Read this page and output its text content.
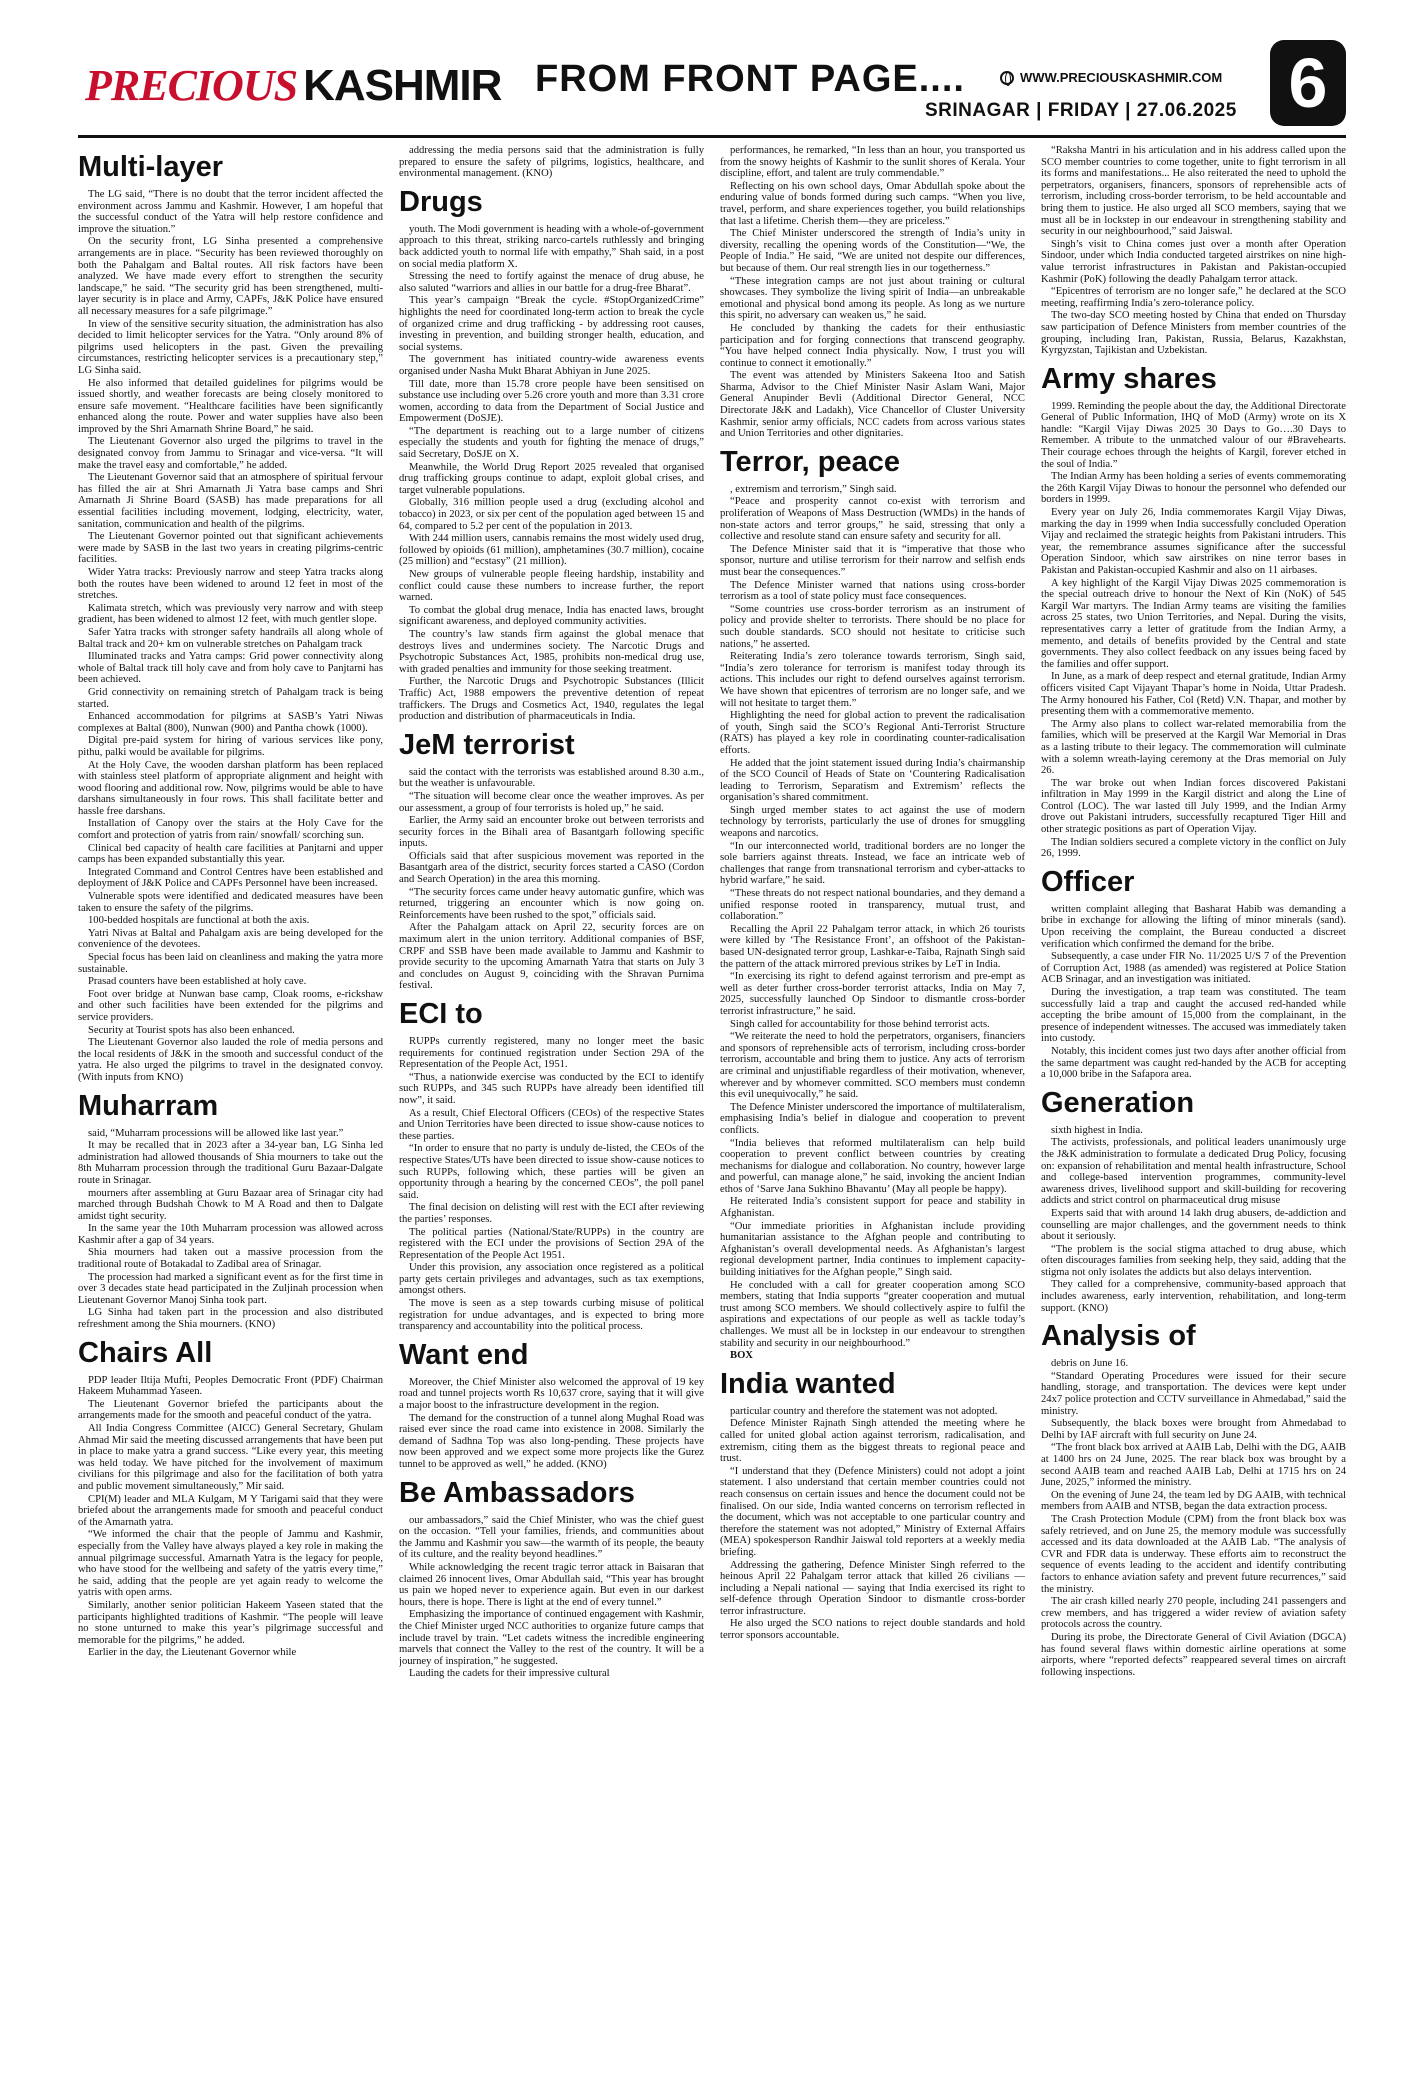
PRECIOUS KASHMIR FROM FRONT PAGE....	WWW.PRECIOUSKASHMIR.COM
SRINAGAR | FRIDAY | 27.06.2025 6
Multi-layer

The LG said, “There is no doubt that the terror incident affected the environment across Jammu and Kashmir. However, I am hopeful that the successful conduct of the Yatra will help restore confidence and improve the situation.”

On the security front, LG Sinha presented a comprehensive arrangements are in place. “Security has been reviewed thoroughly on both the Pahalgam and Baltal routes. All risk factors have been analyzed. We have made every effort to strengthen the security landscape,” he said. “The security grid has been strengthened, multi-layer security is in place and Army, CAPFs, J&K Police have ensured all necessary measures for a safe pilgrimage.”

In view of the sensitive security situation, the administration has also decided to limit helicopter services for the Yatra. “Only around 8% of pilgrims used helicopters in the past. Given the prevailing circumstances, restricting helicopter services is a precautionary step,” LG Sinha said.

He also informed that detailed guidelines for pilgrims would be issued shortly, and weather forecasts are being closely monitored to ensure safe movement. “Healthcare facilities have been significantly enhanced along the route. Power and water supplies have also been improved by the Shri Amarnath Shrine Board,” he said.

The Lieutenant Governor also urged the pilgrims to travel in the designated convoy from Jammu to Srinagar and vice-versa. “It will make the travel easy and comfortable,” he added.

The Lieutenant Governor said that an atmosphere of spiritual fervour has filled the air at Shri Amarnath Ji Yatra base camps and Shri Amarnath Ji Shrine Board (SASB) has made preparations for all essential facilities including movement, lodging, electricity, water, sanitation, communication and health of the pilgrims.

The Lieutenant Governor pointed out that significant achievements were made by SASB in the last two years in creating pilgrims-centric facilities.

Wider Yatra tracks: Previously narrow and steep Yatra tracks along both the routes have been widened to around 12 feet in most of the stretches.

Kalimata stretch, which was previously very narrow and with steep gradient, has been widened to almost 12 feet, with much gentler slope.

Safer Yatra tracks with stronger safety handrails all along whole of Baltal track and 20+ km on vulnerable stretches on Pahalgam track

Illuminated tracks and Yatra camps: Grid power connectivity along whole of Baltal track till holy cave and from holy cave to Panjtarni has been achieved.

Grid connectivity on remaining stretch of Pahalgam track is being started.

Enhanced accommodation for pilgrims at SASB’s Yatri Niwas complexes at Baltal (800), Nunwan (900) and Pantha chowk (1000).

Digital pre-paid system for hiring of various services like pony, pithu, palki would be available for pilgrims.

At the Holy Cave, the wooden darshan platform has been replaced with stainless steel platform of appropriate alignment and height with wood flooring and additional row. Now, pilgrims would be able to have darshans simultaneously in four rows. This shall facilitate better and hassle free darshans.

Installation of Canopy over the stairs at the Holy Cave for the comfort and protection of yatris from rain/ snowfall/ scorching sun.

Clinical bed capacity of health care facilities at Panjtarni and upper camps has been expanded substantially this year.

Integrated Command and Control Centres have been established and deployment of J&K Police and CAPFs Personnel have been increased.

Vulnerable spots were identified and dedicated measures have been taken to ensure the safety of the pilgrims.

100-bedded hospitals are functional at both the axis.

Yatri Nivas at Baltal and Pahalgam axis are being developed for the convenience of the devotees.

Special focus has been laid on cleanliness and making the yatra more sustainable.

Prasad counters have been established at holy cave.

Foot over bridge at Nunwan base camp, Cloak rooms, e-rickshaw and other such facilities have been extended for the pilgrims and service providers.

Security at Tourist spots has also been enhanced.

The Lieutenant Governor also lauded the role of media persons and the local residents of J&K in the smooth and successful conduct of the yatra. He also urged the pilgrims to travel in the designated convoy. (With inputs from KNO)

Muharram

said, “Muharram processions will be allowed like last year.”

It may be recalled that in 2023 after a 34-year ban, LG Sinha led administration had allowed thousands of Shia mourners to take out the 8th Muharram procession through the traditional Guru Bazaar-Dalgate route in Srinagar.

mourners after assembling at Guru Bazaar area of Srinagar city had marched through Budshah Chowk to M A Road and then to Dalgate amidst tight security.

In the same year the 10th Muharram procession was allowed across Kashmir after a gap of 34 years.

Shia mourners had taken out a massive procession from the traditional route of Botakadal to Zadibal area of Srinagar.

The procession had marked a significant event as for the first time in over 3 decades state head participated in the Zuljinah procession when Lieutenant Governor Manoj Sinha took part.

LG Sinha had taken part in the procession and also distributed refreshment among the Shia mourners. (KNO)

Chairs All

PDP leader Iltija Mufti, Peoples Democratic Front (PDF) Chairman Hakeem Muhammad Yaseen.

The Lieutenant Governor briefed the participants about the arrangements made for the smooth and peaceful conduct of the yatra.

All India Congress Committee (AICC) General Secretary, Ghulam Ahmad Mir said the meeting discussed arrangements that have been put in place to make yatra a grand success. “Like every year, this meeting was held today. We have pitched for the involvement of maximum civilians for this pilgrimage and also for the facilitation of both yatra and public movement simultaneously,” Mir said.

CPI(M) leader and MLA Kulgam, M Y Tarigami said that they were briefed about the arrangements made for smooth and peaceful conduct of the Amarnath yatra.

“We informed the chair that the people of Jammu and Kashmir, especially from the Valley have always played a key role in making the annual pilgrimage successful. Amarnath Yatra is the legacy for people, who have stood for the wellbeing and safety of the yatris every time,” he said, adding that the people are yet again ready to welcome the yatris with open arms.

Similarly, another senior politician Hakeem Yaseen stated that the participants highlighted traditions of Kashmir. “The people will leave no stone unturned to make this year’s pilgrimage successful and memorable for the pilgrims,” he added.

Earlier in the day, the Lieutenant Governor while

addressing the media persons said that the administration is fully prepared to ensure the safety of pilgrims, logistics, healthcare, and environmental management. (KNO)

Drugs

youth. The Modi government is heading with a whole-of-government approach to this threat, striking narco-cartels ruthlessly and bringing back addicted youth to normal life with empathy,” Shah said, in a post on social media platform X.

Stressing the need to fortify against the menace of drug abuse, he also saluted “warriors and allies in our battle for a drug-free Bharat”.

This year’s campaign “Break the cycle. #StopOrganizedCrime” highlights the need for coordinated long-term action to break the cycle of organized crime and drug trafficking - by addressing root causes, investing in prevention, and building stronger health, education, and social systems.

The government has initiated country-wide awareness events organised under Nasha Mukt Bharat Abhiyan in June 2025.

Till date, more than 15.78 crore people have been sensitised on substance use including over 5.26 crore youth and more than 3.31 crore women, according to data from the Department of Social Justice and Empowerment (DoSJE).

“The department is reaching out to a large number of citizens especially the students and youth for fighting the menace of drugs,” said Secretary, DoSJE on X.

Meanwhile, the World Drug Report 2025 revealed that organised drug trafficking groups continue to adapt, exploit global crises, and target vulnerable populations.

Globally, 316 million people used a drug (excluding alcohol and tobacco) in 2023, or six per cent of the population aged between 15 and 64, compared to 5.2 per cent of the population in 2013.

With 244 million users, cannabis remains the most widely used drug, followed by opioids (61 million), amphetamines (30.7 million), cocaine (25 million) and “ecstasy” (21 million).

New groups of vulnerable people fleeing hardship, instability and conflict could cause these numbers to increase further, the report warned.

To combat the global drug menace, India has enacted laws, brought significant awareness, and deployed community activities.

The country’s law stands firm against the global menace that destroys lives and undermines society. The Narcotic Drugs and Psychotropic Substances Act, 1985, prohibits non-medical drug use, with graded penalties and immunity for those seeking treatment.

Further, the Narcotic Drugs and Psychotropic Substances (Illicit Traffic) Act, 1988 empowers the preventive detention of repeat traffickers. The Drugs and Cosmetics Act, 1940, regulates the legal production and distribution of pharmaceuticals in India.

JeM terrorist

said the contact with the terrorists was established around 8.30 a.m., but the weather is unfavourable.

“The situation will become clear once the weather improves. As per our assessment, a group of four terrorists is holed up,” he said.

Earlier, the Army said an encounter broke out between terrorists and security forces in the Bihali area of Basantgarh following specific inputs.

Officials said that after suspicious movement was reported in the Basantgarh area of the district, security forces started a CASO (Cordon and Search Operation) in the area this morning.

“The security forces came under heavy automatic gunfire, which was returned, triggering an encounter which is now going on. Reinforcements have been rushed to the spot,” officials said.

After the Pahalgam attack on April 22, security forces are on maximum alert in the union territory. Additional companies of BSF, CRPF and SSB have been made available to Jammu and Kashmir to provide security to the upcoming Amarnath Yatra that starts on July 3 and concludes on August 9, coinciding with the Shravan Purnima festival.

ECI to

RUPPs currently registered, many no longer meet the basic requirements for continued registration under Section 29A of the Representation of the People Act, 1951.

“Thus, a nationwide exercise was conducted by the ECI to identify such RUPPs, and 345 such RUPPs have already been identified till now”, it said.

As a result, Chief Electoral Officers (CEOs) of the respective States and Union Territories have been directed to issue show-cause notices to these parties.

“In order to ensure that no party is unduly de-listed, the CEOs of the respective States/UTs have been directed to issue show-cause notices to such RUPPs, following which, these parties will be given an opportunity through a hearing by the concerned CEOs”, the poll panel said.

The final decision on delisting will rest with the ECI after reviewing the parties’ responses.

The political parties (National/State/RUPPs) in the country are registered with the ECI under the provisions of Section 29A of the Representation of the People Act 1951.

Under this provision, any association once registered as a political party gets certain privileges and advantages, such as tax exemptions, amongst others.

The move is seen as a step towards curbing misuse of political registration for undue advantages, and is expected to bring more transparency and accountability into the political process.

Want end

Moreover, the Chief Minister also welcomed the approval of 19 key road and tunnel projects worth Rs 10,637 crore, saying that it will give a major boost to the infrastructure development in the region.

The demand for the construction of a tunnel along Mughal Road was raised ever since the road came into existence in 2008. Similarly the demand of Sadhna Top was also long-pending. These projects have now been approved and we expect some more projects like the Gurez tunnel to be approved as well,” he added. (KNO)

Be Ambassadors

our ambassadors,” said the Chief Minister, who was the chief guest on the occasion. “Tell your families, friends, and communities about the Jammu and Kashmir you saw—the warmth of its people, the beauty of its culture, and the reality beyond headlines.”

While acknowledging the recent tragic terror attack in Baisaran that claimed 26 innocent lives, Omar Abdullah said, “This year has brought us pain we hoped never to experience again. But even in our darkest hours, there is hope. There is light at the end of every tunnel.”

Emphasizing the importance of continued engagement with Kashmir, the Chief Minister urged NCC authorities to organize future camps that include travel by train. “Let cadets witness the incredible engineering marvels that connect the Valley to the rest of the country. It will be a journey of inspiration,” he suggested.

Lauding the cadets for their impressive cultural

performances, he remarked, “In less than an hour, you transported us from the snowy heights of Kashmir to the sunlit shores of Kerala. Your discipline, effort, and talent are truly commendable.”

Reflecting on his own school days, Omar Abdullah spoke about the enduring value of bonds formed during such camps. “When you live, travel, perform, and share experiences together, you build relationships that last a lifetime. Cherish them—they are priceless.”

The Chief Minister underscored the strength of India’s unity in diversity, recalling the opening words of the Constitution—“We, the People of India.” He said, “We are united not despite our differences, but because of them. Our real strength lies in our togetherness.”

“These integration camps are not just about training or cultural showcases. They symbolize the living spirit of India—an unbreakable emotional and physical bond among its people. As long as we nurture this spirit, no adversary can weaken us,” he said.

He concluded by thanking the cadets for their enthusiastic participation and for forging connections that transcend geography. “You have helped connect India physically. Now, I trust you will continue to connect it emotionally.”

The event was attended by Ministers Sakeena Itoo and Satish Sharma, Advisor to the Chief Minister Nasir Aslam Wani, Major General Anupinder Bevli (Additional Director General, NCC Directorate J&K and Ladakh), Vice Chancellor of Cluster University Kashmir, senior army officials, NCC cadets from across various states and Union Territories and other dignitaries.

Terror, peace

, extremism and terrorism,” Singh said.

“Peace and prosperity cannot co-exist with terrorism and proliferation of Weapons of Mass Destruction (WMDs) in the hands of non-state actors and terror groups,” he said, stressing that only a collective and resolute stand can ensure safety and security for all.

The Defence Minister said that it is “imperative that those who sponsor, nurture and utilise terrorism for their narrow and selfish ends must bear the consequences.”

The Defence Minister warned that nations using cross-border terrorism as a tool of state policy must face consequences.

“Some countries use cross-border terrorism as an instrument of policy and provide shelter to terrorists. There should be no place for such double standards. SCO should not hesitate to criticise such nations,” he asserted.

Reiterating India’s zero tolerance towards terrorism, Singh said, “India’s zero tolerance for terrorism is manifest today through its actions. This includes our right to defend ourselves against terrorism. We have shown that epicentres of terrorism are no longer safe, and we will not hesitate to target them.”

Highlighting the need for global action to prevent the radicalisation of youth, Singh said the SCO’s Regional Anti-Terrorist Structure (RATS) has played a key role in coordinating counter-radicalisation efforts.

He added that the joint statement issued during India’s chairmanship of the SCO Council of Heads of State on ‘Countering Radicalisation leading to Terrorism, Separatism and Extremism’ reflects the organisation’s shared commitment.

Singh urged member states to act against the use of modern technology by terrorists, particularly the use of drones for smuggling weapons and narcotics.

“In our interconnected world, traditional borders are no longer the sole barriers against threats. Instead, we face an intricate web of challenges that range from transnational terrorism and cyber-attacks to hybrid warfare,” he said.

“These threats do not respect national boundaries, and they demand a unified response rooted in transparency, mutual trust, and collaboration.”

Recalling the April 22 Pahalgam terror attack, in which 26 tourists were killed by ‘The Resistance Front’, an offshoot of the Pakistan-based UN-designated terror group, Lashkar-e-Taiba, Rajnath Singh said the pattern of the attack mirrored previous strikes by LeT in India.

“In exercising its right to defend against terrorism and pre-empt as well as deter further cross-border terrorist attacks, India on May 7, 2025, successfully launched Op Sindoor to dismantle cross-border terrorist infrastructure,” he said.

Singh called for accountability for those behind terrorist acts.

“We reiterate the need to hold the perpetrators, organisers, financiers and sponsors of reprehensible acts of terrorism, including cross-border terrorism, accountable and bring them to justice. Any acts of terrorism are criminal and unjustifiable regardless of their motivation, whenever, wherever and by whomever committed. SCO members must condemn this evil unequivocally,” he said.

The Defence Minister underscored the importance of multilateralism, emphasising India’s belief in dialogue and cooperation to prevent conflicts.

“India believes that reformed multilateralism can help build cooperation to prevent conflict between countries by creating mechanisms for dialogue and collaboration. No country, however large and powerful, can manage alone,” he said, invoking the ancient Indian ethos of ‘Sarve Jana Sukhino Bhavantu’ (May all people be happy).

He reiterated India’s consistent support for peace and stability in Afghanistan.

“Our immediate priorities in Afghanistan include providing humanitarian assistance to the Afghan people and contributing to Afghanistan’s overall developmental needs. As Afghanistan’s largest regional development partner, India continues to implement capacity-building initiatives for the Afghan people,” Singh said.

He concluded with a call for greater cooperation among SCO members, stating that India supports “greater cooperation and mutual trust among SCO members. We should collectively aspire to fulfil the aspirations and expectations of our people as well as tackle today’s challenges. We must all be in lockstep in our endeavour to strengthen stability and security in our neighbourhood.”

BOX

India wanted

particular country and therefore the statement was not adopted.

Defence Minister Rajnath Singh attended the meeting where he called for united global action against terrorism, radicalisation, and extremism, citing them as the biggest threats to regional peace and trust.

“I understand that they (Defence Ministers) could not adopt a joint statement. I also understand that certain member countries could not reach consensus on certain issues and hence the document could not be finalised. On our side, India wanted concerns on terrorism reflected in the document, which was not acceptable to one particular country and therefore the statement was not adopted,” Ministry of External Affairs (MEA) spokesperson Randhir Jaiswal told reporters at a weekly media briefing.

Addressing the gathering, Defence Minister Singh referred to the heinous April 22 Pahalgam terror attack that killed 26 civilians — including a Nepali national — saying that India exercised its right to self-defence through Operation Sindoor to dismantle cross-border terror infrastructure.

He also urged the SCO nations to reject double standards and hold terror sponsors accountable.

“Raksha Mantri in his articulation and in his address called upon the SCO member countries to come together, unite to fight terrorism in all its forms and manifestations... He also reiterated the need to uphold the perpetrators, organisers, financers, sponsors of reprehensible acts of terrorism, including cross-border terrorism, to be held accountable and bring them to justice. He also urged all SCO members, saying that we must all be in lockstep in our endeavour in strengthening stability and security in our neighbourhood,” said Jaiswal.

Singh’s visit to China comes just over a month after Operation Sindoor, under which India conducted targeted airstrikes on nine high-value terrorist infrastructures in Pakistan and Pakistan-occupied Kashmir (PoK) following the deadly Pahalgam terror attack.

“Epicentres of terrorism are no longer safe,” he declared at the SCO meeting, reaffirming India’s zero-tolerance policy.

The two-day SCO meeting hosted by China that ended on Thursday saw participation of Defence Ministers from member countries of the grouping, including Iran, Pakistan, Russia, Belarus, Kazakhstan, Kyrgyzstan, Tajikistan and Uzbekistan.

Army shares

1999. Reminding the people about the day, the Additional Directorate General of Public Information, IHQ of MoD (Army) wrote on its X handle: “Kargil Vijay Diwas 2025 30 Days to Go….30 Days to Remember. A tribute to the unmatched valour of our #Bravehearts. Their courage echoes through the heights of Kargil, forever etched in the soul of India.”

The Indian Army has been holding a series of events commemorating the 26th Kargil Vijay Diwas to honour the personnel who defended our borders in 1999.

Every year on July 26, India commemorates Kargil Vijay Diwas, marking the day in 1999 when India successfully concluded Operation Vijay and reclaimed the strategic heights from Pakistani intruders. This year, the remembrance assumes significance after the successful Operation Sindoor, which saw airstrikes on nine terror bases in Pakistan and Pakistan-occupied Kashmir and also on 11 airbases.

A key highlight of the Kargil Vijay Diwas 2025 commemoration is the special outreach drive to honour the Next of Kin (NoK) of 545 Kargil War martyrs. The Indian Army teams are visiting the families across 25 states, two Union Territories, and Nepal. During the visits, representatives carry a letter of gratitude from the Indian Army, a memento, and details of benefits provided by the Central and state governments. They also collect feedback on any issues being faced by the families and offer support.

In June, as a mark of deep respect and eternal gratitude, Indian Army officers visited Capt Vijayant Thapar’s home in Noida, Uttar Pradesh. The Army honoured his Father, Col (Retd) V.N. Thapar, and mother by presenting them with a commemorative memento.

The Army also plans to collect war-related memorabilia from the families, which will be preserved at the Kargil War Memorial in Dras as a lasting tribute to their legacy. The commemoration will culminate with a solemn wreath-laying ceremony at the Dras memorial on July 26.

The war broke out when Indian forces discovered Pakistani infiltration in May 1999 in the Kargil district and along the Line of Control (LOC). The war lasted till July 1999, and the Indian Army drove out Pakistani intruders, successfully recaptured Tiger Hill and other strategic positions as part of Operation Vijay.

The Indian soldiers secured a complete victory in the conflict on July 26, 1999.

Officer

written complaint alleging that Basharat Habib was demanding a bribe in exchange for allowing the lifting of minor minerals (sand). Upon receiving the complaint, the Bureau conducted a discreet verification which confirmed the demand for the bribe.

Subsequently, a case under FIR No. 11/2025 U/S 7 of the Prevention of Corruption Act, 1988 (as amended) was registered at Police Station ACB Srinagar, and an investigation was initiated.

During the investigation, a trap team was constituted. The team successfully laid a trap and caught the accused red-handed while accepting the bribe amount of 15,000 from the complainant, in the presence of independent witnesses. The accused was immediately taken into custody.

Notably, this incident comes just two days after another official from the same department was caught red-handed by the ACB for accepting a 10,000 bribe in the Safapora area.

Generation

sixth highest in India.

The activists, professionals, and political leaders unanimously urge the J&K administration to formulate a dedicated Drug Policy, focusing on: expansion of rehabilitation and mental health infrastructure, School and college-based intervention programmes, community-level awareness drives, livelihood support and skill-building for recovering addicts and strict control on pharmaceutical drug misuse

Experts said that with around 14 lakh drug abusers, de-addiction and counselling are major challenges, and the government needs to think about it seriously.

“The problem is the social stigma attached to drug abuse, which often discourages families from seeking help, they said, adding that the stigma not only isolates the addicts but also delays intervention.

They called for a comprehensive, community-based approach that includes awareness, early intervention, rehabilitation, and long-term support. (KNO)

Analysis of

debris on June 16.

“Standard Operating Procedures were issued for their secure handling, storage, and transportation. The devices were kept under 24x7 police protection and CCTV surveillance in Ahmedabad,” said the ministry.

Subsequently, the black boxes were brought from Ahmedabad to Delhi by IAF aircraft with full security on June 24.

“The front black box arrived at AAIB Lab, Delhi with the DG, AAIB at 1400 hrs on 24 June, 2025. The rear black box was brought by a second AAIB team and reached AAIB Lab, Delhi at 1715 hrs on 24 June, 2025,” informed the ministry.

On the evening of June 24, the team led by DG AAIB, with technical members from AAIB and NTSB, began the data extraction process.

The Crash Protection Module (CPM) from the front black box was safely retrieved, and on June 25, the memory module was successfully accessed and its data downloaded at the AAIB Lab. “The analysis of CVR and FDR data is underway. These efforts aim to reconstruct the sequence of events leading to the accident and identify contributing factors to enhance aviation safety and prevent future recurrences,” said the ministry.

The air crash killed nearly 270 people, including 241 passengers and crew members, and has triggered a wider review of aviation safety protocols across the country.

During its probe, the Directorate General of Civil Aviation (DGCA) has found several flaws within domestic airline operations at some airports, where “reported defects” reappeared several times on aircraft following inspections.
